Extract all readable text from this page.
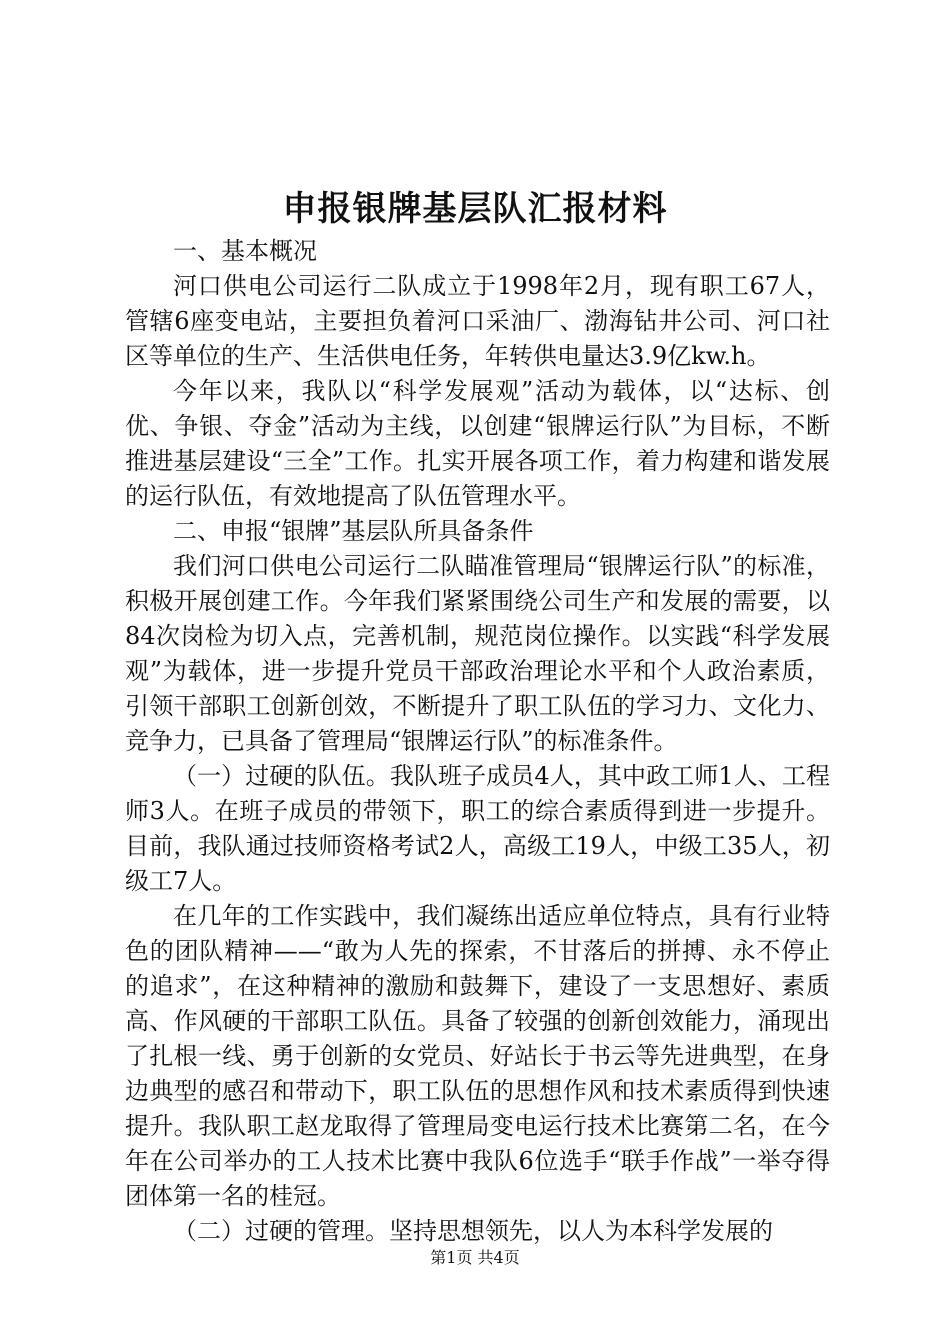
申报银牌基层队汇报材料

一、基本概况

河口供电公司运行二队成立于1998年2月，现有职工67人，管辖6座变电站，主要担负着河口采油厂、渤海钻井公司、河口社区等单位的生产、生活供电任务，年转供电量达3.9亿kw.h。

今年以来，我队以“科学发展观”活动为载体，以“达标、创优、争银、夺金”活动为主线，以创建“银牌运行队”为目标，不断推进基层建设“三全”工作。扎实开展各项工作，着力构建和谐发展的运行队伍，有效地提高了队伍管理水平。

二、申报“银牌”基层队所具备条件

我们河口供电公司运行二队瞄准管理局“银牌运行队”的标准，积极开展创建工作。今年我们紧紧围绕公司生产和发展的需要，以84次岗检为切入点，完善机制，规范岗位操作。以实践“科学发展观”为载体，进一步提升党员干部政治理论水平和个人政治素质，引领干部职工创新创效，不断提升了职工队伍的学习力、文化力、竞争力，已具备了管理局“银牌运行队”的标准条件。

（一）过硬的队伍。我队班子成员4人，其中政工师1人、工程师3人。在班子成员的带领下，职工的综合素质得到进一步提升。目前，我队通过技师资格考试2人，高级工19人，中级工35人，初级工7人。

在几年的工作实践中，我们凝练出适应单位特点，具有行业特色的团队精神——“敢为人先的探索，不甘落后的拼搏、永不停止的追求”，在这种精神的激励和鼓舞下，建设了一支思想好、素质高、作风硬的干部职工队伍。具备了较强的创新创效能力，涌现出了扎根一线、勇于创新的女党员、好站长于书云等先进典型，在身边典型的感召和带动下，职工队伍的思想作风和技术素质得到快速提升。我队职工赵龙取得了管理局变电运行技术比赛第二名，在今年在公司举办的工人技术比赛中我队6位选手“联手作战”一举夺得团体第一名的桂冠。

（二）过硬的管理。坚持思想领先，以人为本科学发展的

第1页 共4页
